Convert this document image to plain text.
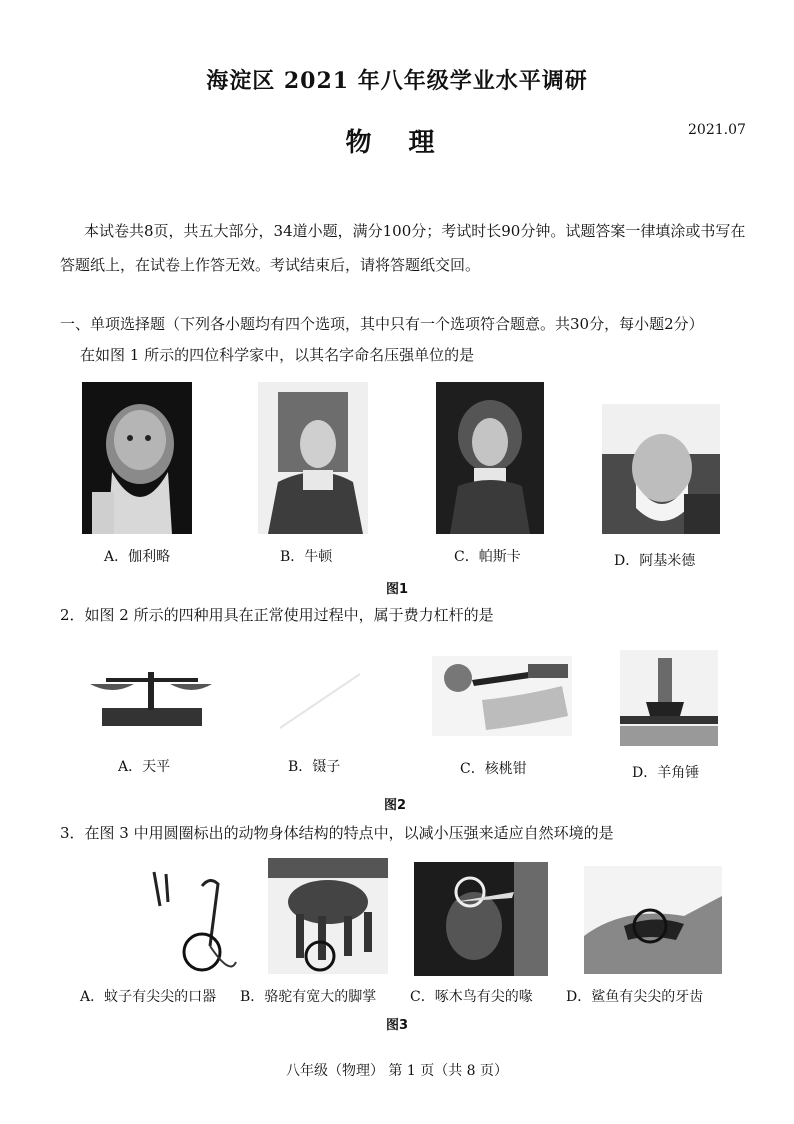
海淀区 2021 年八年级学业水平调研
物 理	2021.07
本试卷共8页，共五大部分，34道小题，满分100分；考试时长90分钟。试题答案一律填涂或书写在答题纸上，在试卷上作答无效。考试结束后，请将答题纸交回。
一、单项选择题（下列各小题均有四个选项，其中只有一个选项符合题意。共30分，每小题2分）
在如图 1 所示的四位科学家中，以其名字命名压强单位的是
A．伽利略	B．牛顿	C．帕斯卡	D．阿基米德
图1
2．如图 2 所示的四种用具在正常使用过程中，属于费力杠杆的是
A．天平	B．镊子	C．核桃钳	D．羊角锤
图2
3．在图 3 中用圆圈标出的动物身体结构的特点中，以减小压强来适应自然环境的是
A．蚊子有尖尖的口器 B．骆驼有宽大的脚掌 C．啄木鸟有尖的喙 D．鲨鱼有尖尖的牙齿
图3
八年级（物理） 第 1 页（共 8 页）
